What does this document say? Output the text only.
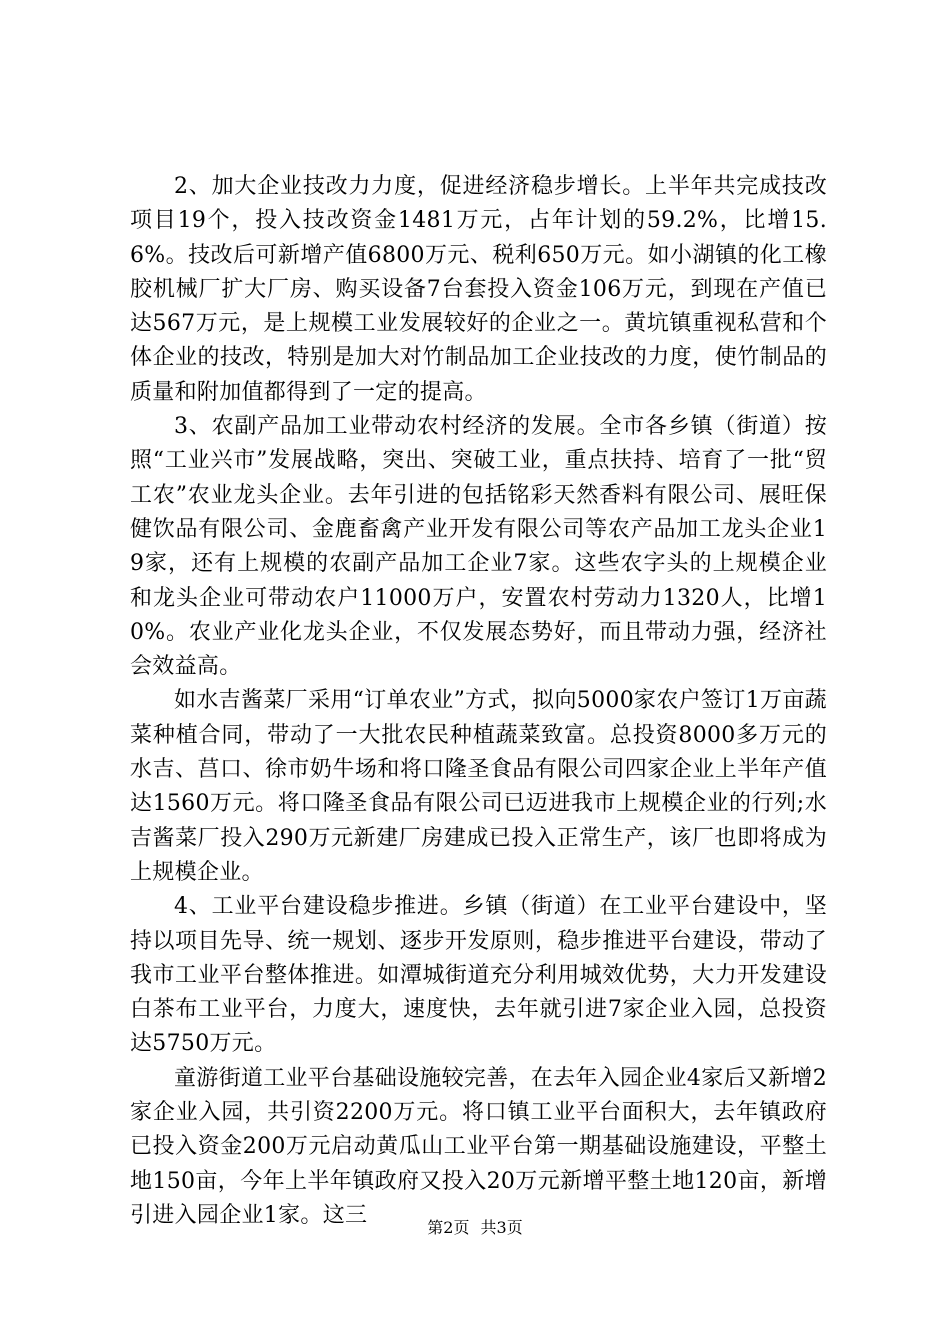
2、加大企业技改力力度，促进经济稳步增长。上半年共完成技改项目19个，投入技改资金1481万元，占年计划的59.2%，比增15.6%。技改后可新增产值6800万元、税利650万元。如小湖镇的化工橡胶机械厂扩大厂房、购买设备7台套投入资金106万元，到现在产值已达567万元，是上规模工业发展较好的企业之一。黄坑镇重视私营和个体企业的技改，特别是加大对竹制品加工企业技改的力度，使竹制品的质量和附加值都得到了一定的提高。

3、农副产品加工业带动农村经济的发展。全市各乡镇（街道）按照“工业兴市”发展战略，突出、突破工业，重点扶持、培育了一批“贸工农”农业龙头企业。去年引进的包括铭彩天然香料有限公司、展旺保健饮品有限公司、金鹿畜禽产业开发有限公司等农产品加工龙头企业19家，还有上规模的农副产品加工企业7家。这些农字头的上规模企业和龙头企业可带动农户11000万户，安置农村劳动力1320人，比增10%。农业产业化龙头企业，不仅发展态势好，而且带动力强，经济社会效益高。

如水吉酱菜厂采用“订单农业”方式，拟向5000家农户签订1万亩蔬菜种植合同，带动了一大批农民种植蔬菜致富。总投资8000多万元的水吉、莒口、徐市奶牛场和将口隆圣食品有限公司四家企业上半年产值达1560万元。将口隆圣食品有限公司已迈进我市上规模企业的行列;水吉酱菜厂投入290万元新建厂房建成已投入正常生产，该厂也即将成为上规模企业。

4、工业平台建设稳步推进。乡镇（街道）在工业平台建设中，坚持以项目先导、统一规划、逐步开发原则，稳步推进平台建设，带动了我市工业平台整体推进。如潭城街道充分利用城效优势，大力开发建设白茶布工业平台，力度大，速度快，去年就引进7家企业入园，总投资达5750万元。

童游街道工业平台基础设施较完善，在去年入园企业4家后又新增2家企业入园，共引资2200万元。将口镇工业平台面积大，去年镇政府已投入资金200万元启动黄瓜山工业平台第一期基础设施建设，平整土地150亩，今年上半年镇政府又投入20万元新增平整土地120亩，新增引进入园企业1家。这三	第2页 共3页
